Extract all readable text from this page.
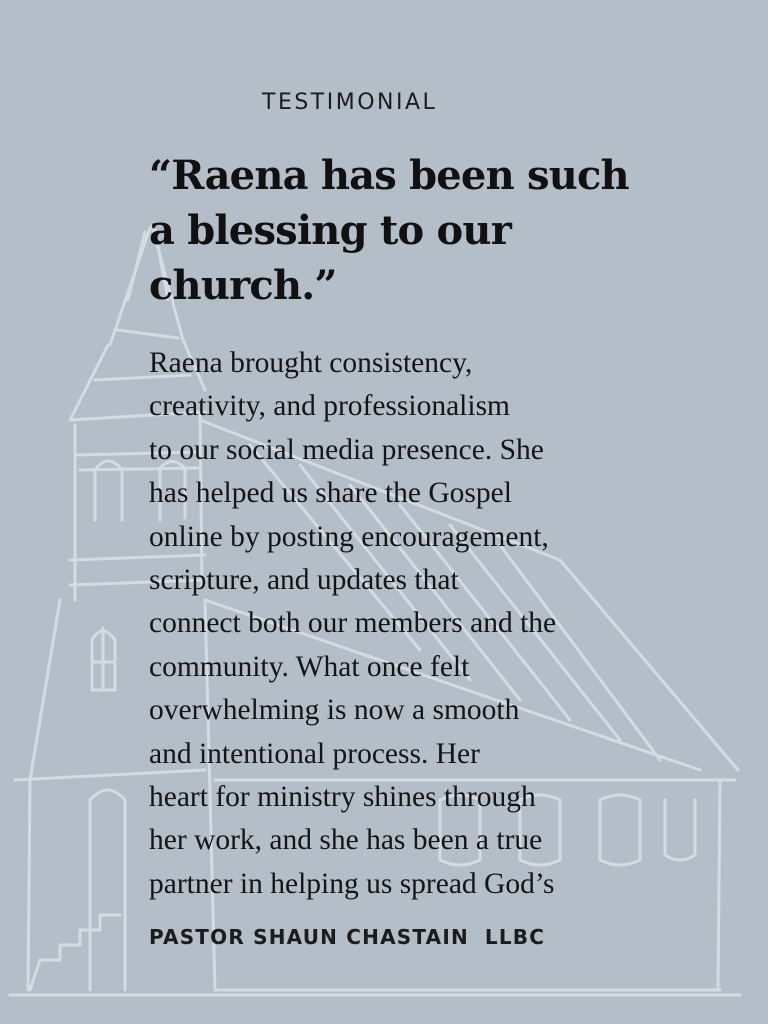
TESTIMONIAL

“Raena has been such
a blessing to our
church.”

Raena brought consistency,
creativity, and professionalism
to our social media presence. She
has helped us share the Gospel
online by posting encouragement,
scripture, and updates that
connect both our members and the
community. What once felt
overwhelming is now a smooth
and intentional process. Her
heart for ministry shines through
her work, and she has been a true
partner in helping us spread God’s

PASTOR SHAUN CHASTAIN LLBC
